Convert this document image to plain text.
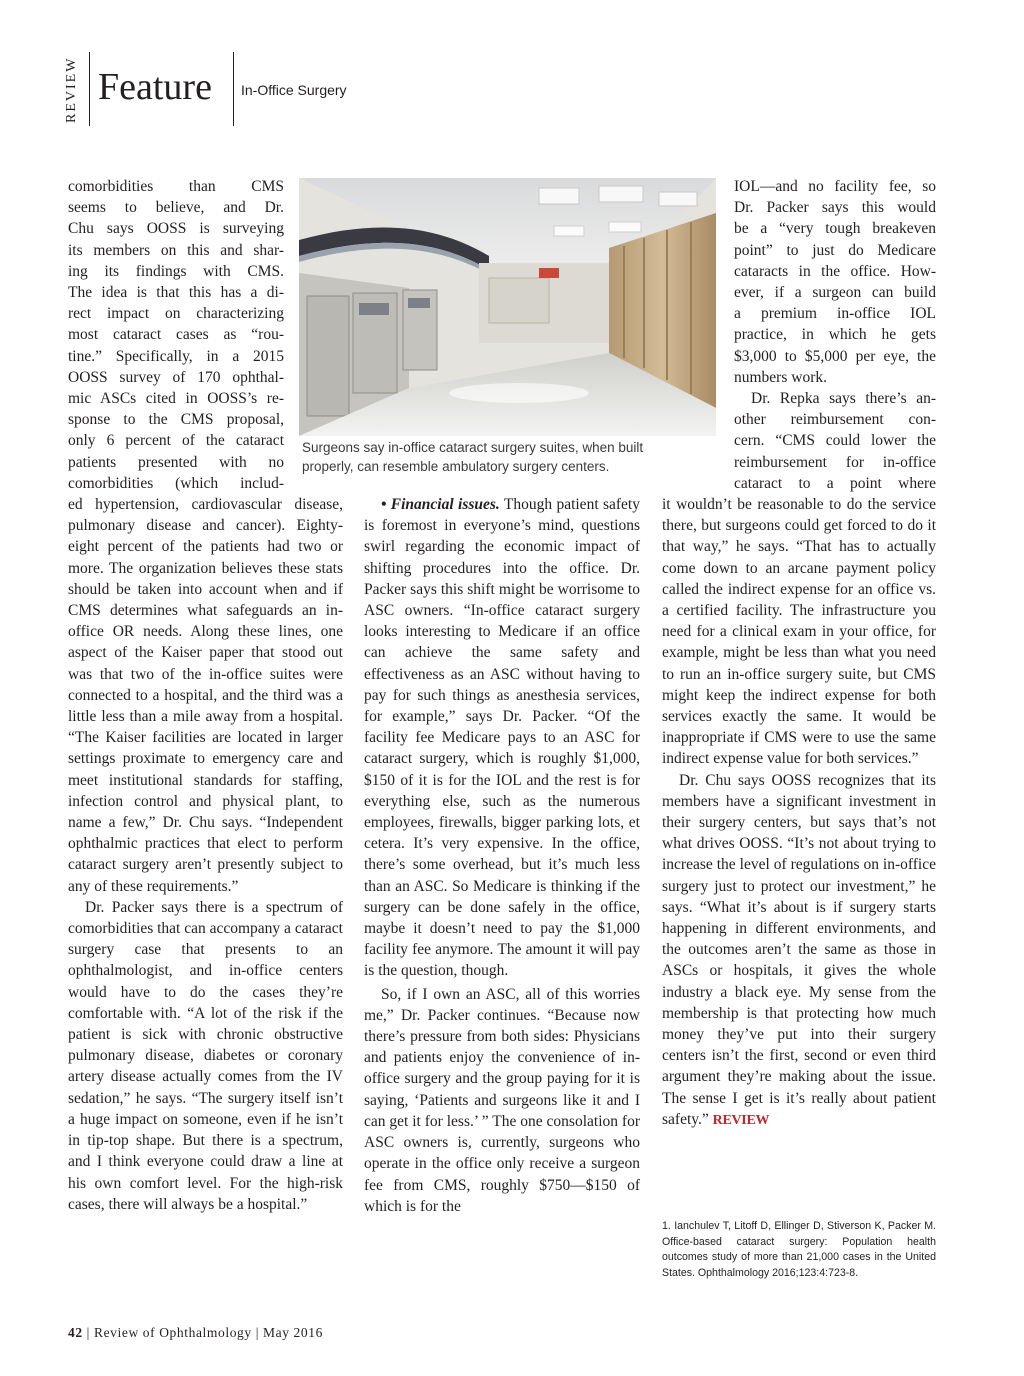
REVIEW Feature In-Office Surgery
Surgeons say in-office cataract surgery suites, when built
properly, can resemble ambulatory surgery centers.
comorbidities than CMS
seems to believe, and Dr.
Chu says OOSS is surveying
its members on this and shar-
ing its findings with CMS.
The idea is that this has a di-
rect impact on characterizing
most cataract cases as “rou-
tine.” Specifically, in a 2015
OOSS survey of 170 ophthal-
mic ASCs cited in OOSS’s re-
sponse to the CMS proposal,
only 6 percent of the cataract
patients presented with no
comorbidities (which includ-

ed hypertension, cardiovascular disease, pulmonary disease and cancer). Eighty-eight percent of the patients had two or more. The organization believes these stats should be taken into account when and if CMS determines what safeguards an in-office OR needs. Along these lines, one aspect of the Kaiser paper that stood out was that two of the in-office suites were connected to a hospital, and the third was a little less than a mile away from a hospital. “The Kaiser facilities are located in larger settings proximate to emergency care and meet institutional standards for staffing, infection control and physical plant, to name a few,” Dr. Chu says. “Independent ophthalmic practices that elect to perform cataract surgery aren’t presently subject to any of these requirements.”

Dr. Packer says there is a spectrum of comorbidities that can accompany a cataract surgery case that presents to an ophthalmologist, and in-office centers would have to do the cases they’re comfortable with. “A lot of the risk if the patient is sick with chronic obstructive pulmonary disease, diabetes or coronary artery disease actually comes from the IV sedation,” he says. “The surgery itself isn’t a huge impact on someone, even if he isn’t in tip-top shape. But there is a spectrum, and I think everyone could draw a line at his own comfort level. For the high-risk cases, there will always be a hospital.”

• Financial issues. Though patient safety is foremost in everyone’s mind, questions swirl regarding the economic impact of shifting procedures into the office. Dr. Packer says this shift might be worrisome to ASC owners. “In-office cataract surgery looks interesting to Medicare if an office can achieve the same safety and effectiveness as an ASC without having to pay for such things as anesthesia services, for example,” says Dr. Packer. “Of the facility fee Medicare pays to an ASC for cataract surgery, which is roughly $1,000, $150 of it is for the IOL and the rest is for everything else, such as the numerous employees, firewalls, bigger parking lots, et cetera. It’s very expensive. In the office, there’s some overhead, but it’s much less than an ASC. So Medicare is thinking if the surgery can be done safely in the office, maybe it doesn’t need to pay the $1,000 facility fee anymore. The amount it will pay is the question, though.

So, if I own an ASC, all of this worries me,” Dr. Packer continues. “Because now there’s pressure from both sides: Physicians and patients enjoy the convenience of in-office surgery and the group paying for it is saying, ‘Patients and surgeons like it and I can get it for less.’ ” The one consolation for ASC owners is, currently, surgeons who operate in the office only receive a surgeon fee from CMS, roughly $750—$150 of which is for the

IOL—and no facility fee, so
Dr. Packer says this would
be a “very tough breakeven
point” to just do Medicare
cataracts in the office. How-
ever, if a surgeon can build
a premium in-office IOL
practice, in which he gets
$3,000 to $5,000 per eye, the
numbers work.
Dr. Repka says there’s an-
other reimbursement con-
cern. “CMS could lower the
reimbursement for in-office
cataract to a point where

it wouldn’t be reasonable to do the service there, but surgeons could get forced to do it that way,” he says. “That has to actually come down to an arcane payment policy called the indirect expense for an office vs. a certified facility. The infrastructure you need for a clinical exam in your office, for example, might be less than what you need to run an in-office surgery suite, but CMS might keep the indirect expense for both services exactly the same. It would be inappropriate if CMS were to use the same indirect expense value for both services.”

Dr. Chu says OOSS recognizes that its members have a significant investment in their surgery centers, but says that’s not what drives OOSS. “It’s not about trying to increase the level of regulations on in-office surgery just to protect our investment,” he says. “What it’s about is if surgery starts happening in different environments, and the outcomes aren’t the same as those in ASCs or hospitals, it gives the whole industry a black eye. My sense from the membership is that protecting how much money they’ve put into their surgery centers isn’t the first, second or even third argument they’re making about the issue. The sense I get is it’s really about patient safety.” REVIEW

1. Ianchulev T, Litoff D, Ellinger D, Stiverson K, Packer M. Office-based cataract surgery: Population health outcomes study of more than 21,000 cases in the United States. Ophthalmology 2016;123:4:723-8.
42 | Review of Ophthalmology | May 2016
